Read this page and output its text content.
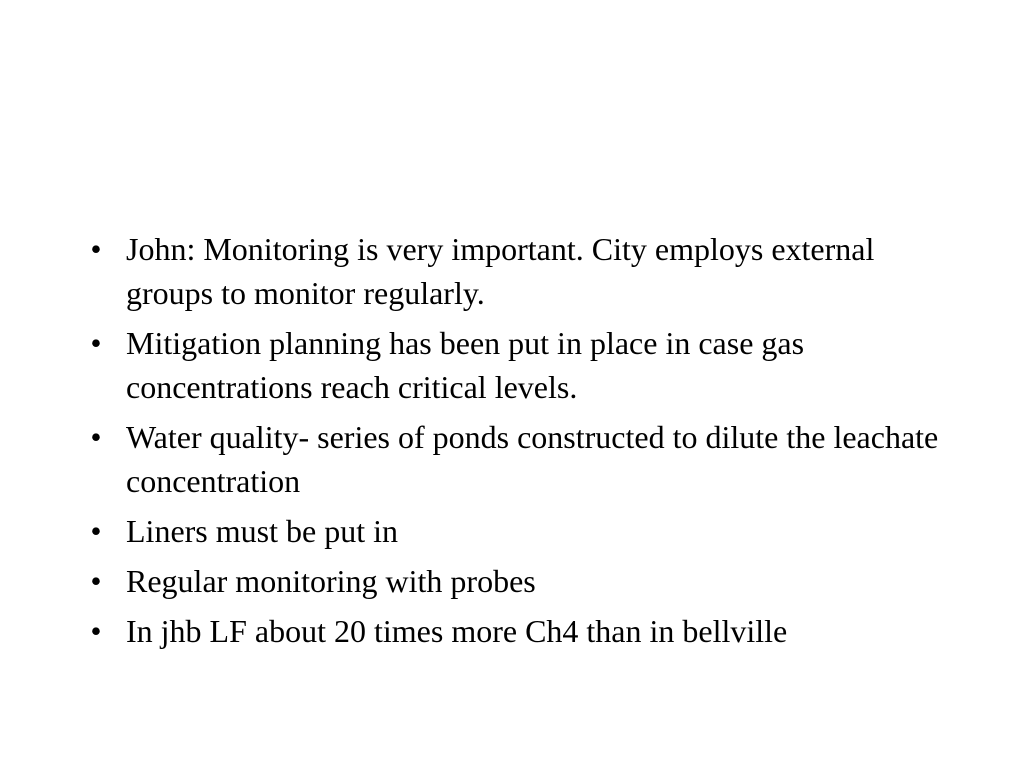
• John: Monitoring is very important. City employs external groups to monitor regularly.
• Mitigation planning has been put in place in case gas concentrations reach critical levels.
• Water quality- series of ponds constructed to dilute the leachate concentration
• Liners must be put in
• Regular monitoring with probes
• In jhb LF about 20 times more Ch4 than in bellville
